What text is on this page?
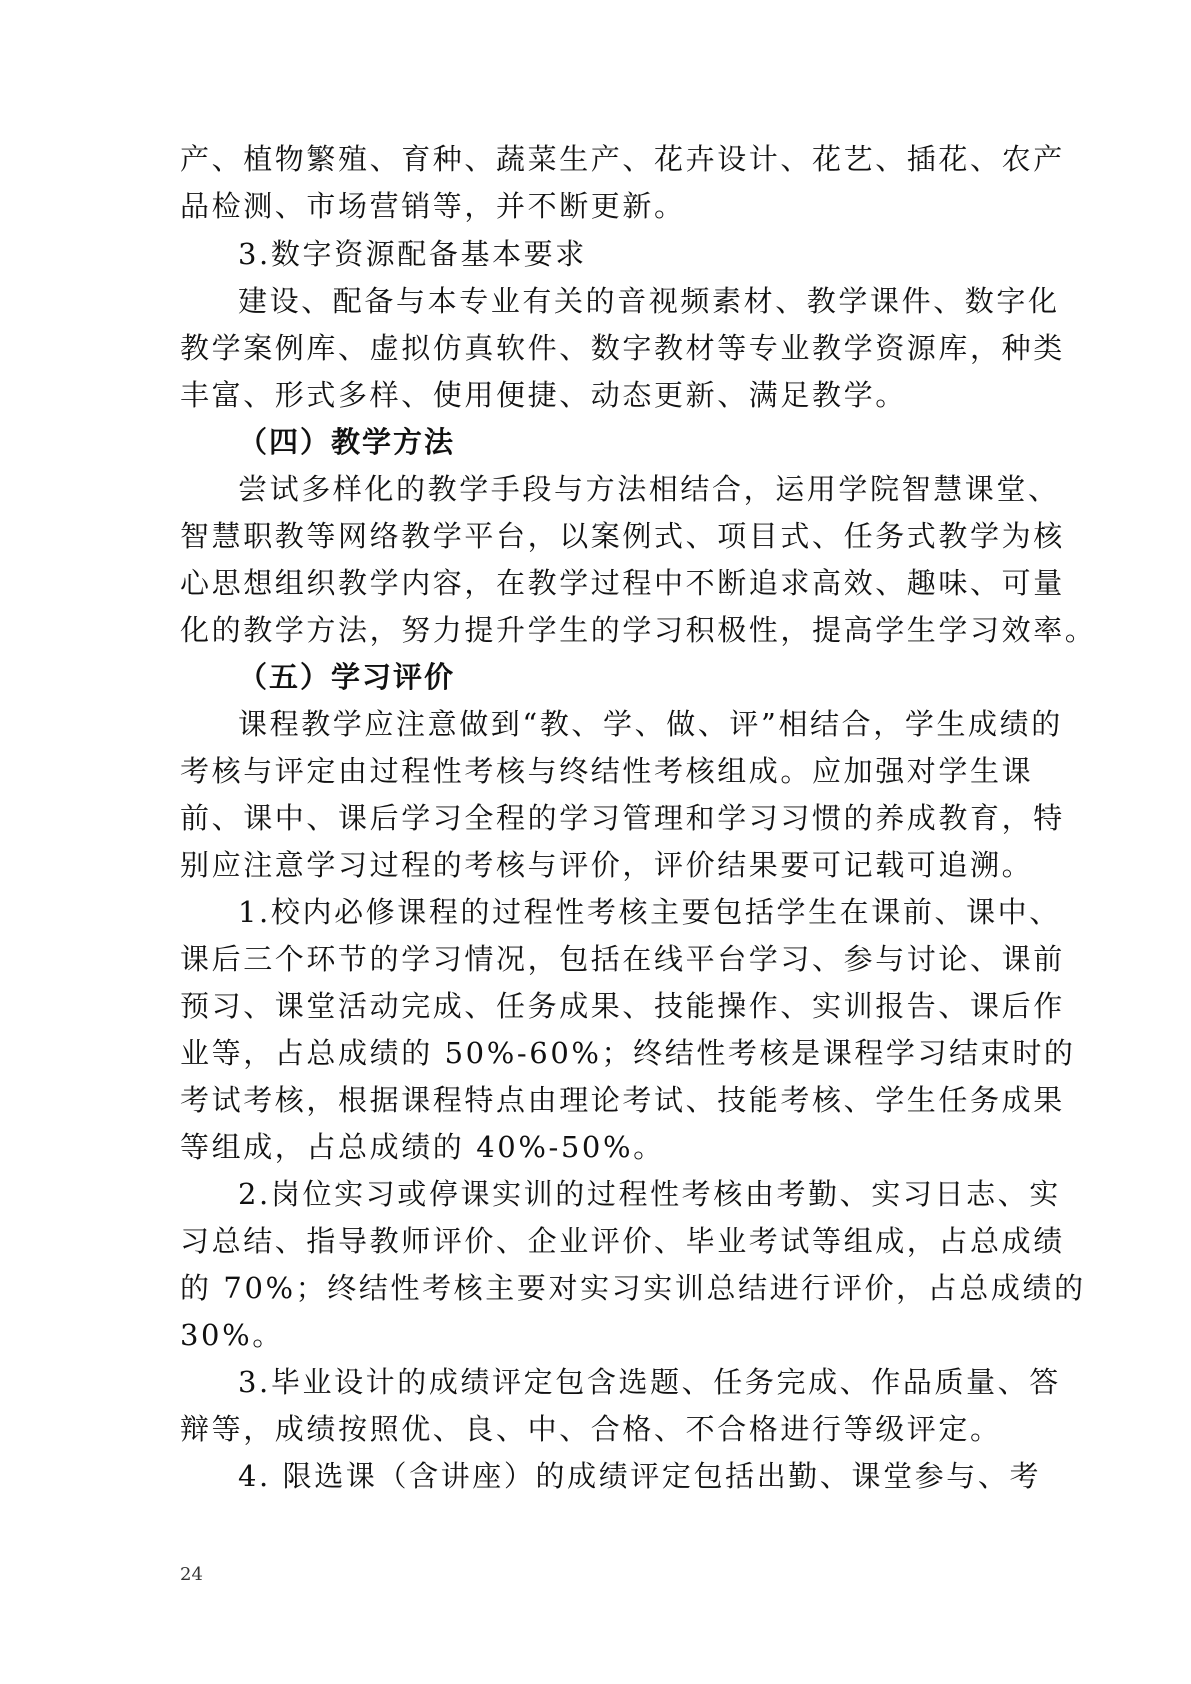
产、植物繁殖、育种、蔬菜生产、花卉设计、花艺、插花、农产
品检测、市场营销等，并不断更新。
3.数字资源配备基本要求
建设、配备与本专业有关的音视频素材、教学课件、数字化
教学案例库、虚拟仿真软件、数字教材等专业教学资源库，种类
丰富、形式多样、使用便捷、动态更新、满足教学。
（四）教学方法
尝试多样化的教学手段与方法相结合，运用学院智慧课堂、
智慧职教等网络教学平台，以案例式、项目式、任务式教学为核
心思想组织教学内容，在教学过程中不断追求高效、趣味、可量
化的教学方法，努力提升学生的学习积极性，提高学生学习效率。
（五）学习评价
课程教学应注意做到“教、学、做、评”相结合，学生成绩的
考核与评定由过程性考核与终结性考核组成。应加强对学生课
前、课中、课后学习全程的学习管理和学习习惯的养成教育，特
别应注意学习过程的考核与评价，评价结果要可记载可追溯。
1.校内必修课程的过程性考核主要包括学生在课前、课中、
课后三个环节的学习情况，包括在线平台学习、参与讨论、课前
预习、课堂活动完成、任务成果、技能操作、实训报告、课后作
业等，占总成绩的 50%-60%；终结性考核是课程学习结束时的
考试考核，根据课程特点由理论考试、技能考核、学生任务成果
等组成，占总成绩的 40%-50%。
2.岗位实习或停课实训的过程性考核由考勤、实习日志、实
习总结、指导教师评价、企业评价、毕业考试等组成，占总成绩
的 70%；终结性考核主要对实习实训总结进行评价，占总成绩的
30%。
3.毕业设计的成绩评定包含选题、任务完成、作品质量、答
辩等，成绩按照优、良、中、合格、不合格进行等级评定。
4. 限选课（含讲座）的成绩评定包括出勤、课堂参与、考
24
